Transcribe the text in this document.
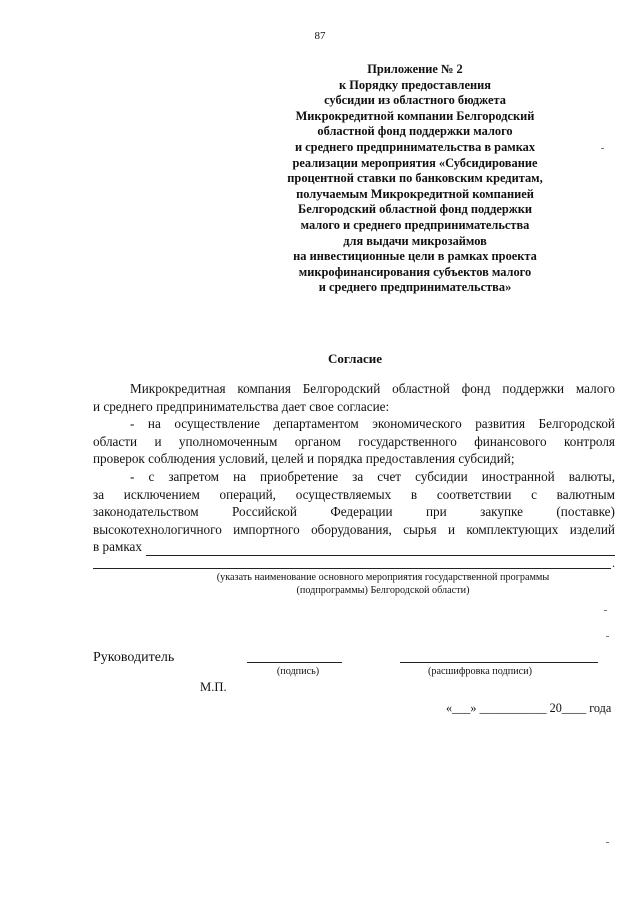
87
Приложение № 2
к Порядку предоставления
субсидии из областного бюджета
Микрокредитной компании Белгородский
областной фонд поддержки малого
и среднего предпринимательства в рамках
реализации мероприятия «Субсидирование
процентной ставки по банковским кредитам,
получаемым Микрокредитной компанией
Белгородский областной фонд поддержки
малого и среднего предпринимательства
для выдачи микрозаймов
на инвестиционные цели в рамках проекта
микрофинансирования субъектов малого
и среднего предпринимательства»
Согласие
Микрокредитная компания Белгородский областной фонд поддержки малого
и среднего предпринимательства дает свое согласие:
- на осуществление департаментом экономического развития Белгородской
области и уполномоченным органом государственного финансового контроля
проверок соблюдения условий, целей и порядка предоставления субсидий;
- с запретом на приобретение за счет субсидии иностранной валюты,
за исключением операций, осуществляемых в соответствии с валютным
законодательством	Российской	Федерации	при	закупке	(поставке)
высокотехнологичного импортного оборудования, сырья и комплектующих изделий
в рамках
.
(указать наименование основного мероприятия государственной программы
(подпрограммы) Белгородской области)
Руководитель
(подпись)	(расшифровка подписи)
М.П.
«___» ___________ 20____ года
